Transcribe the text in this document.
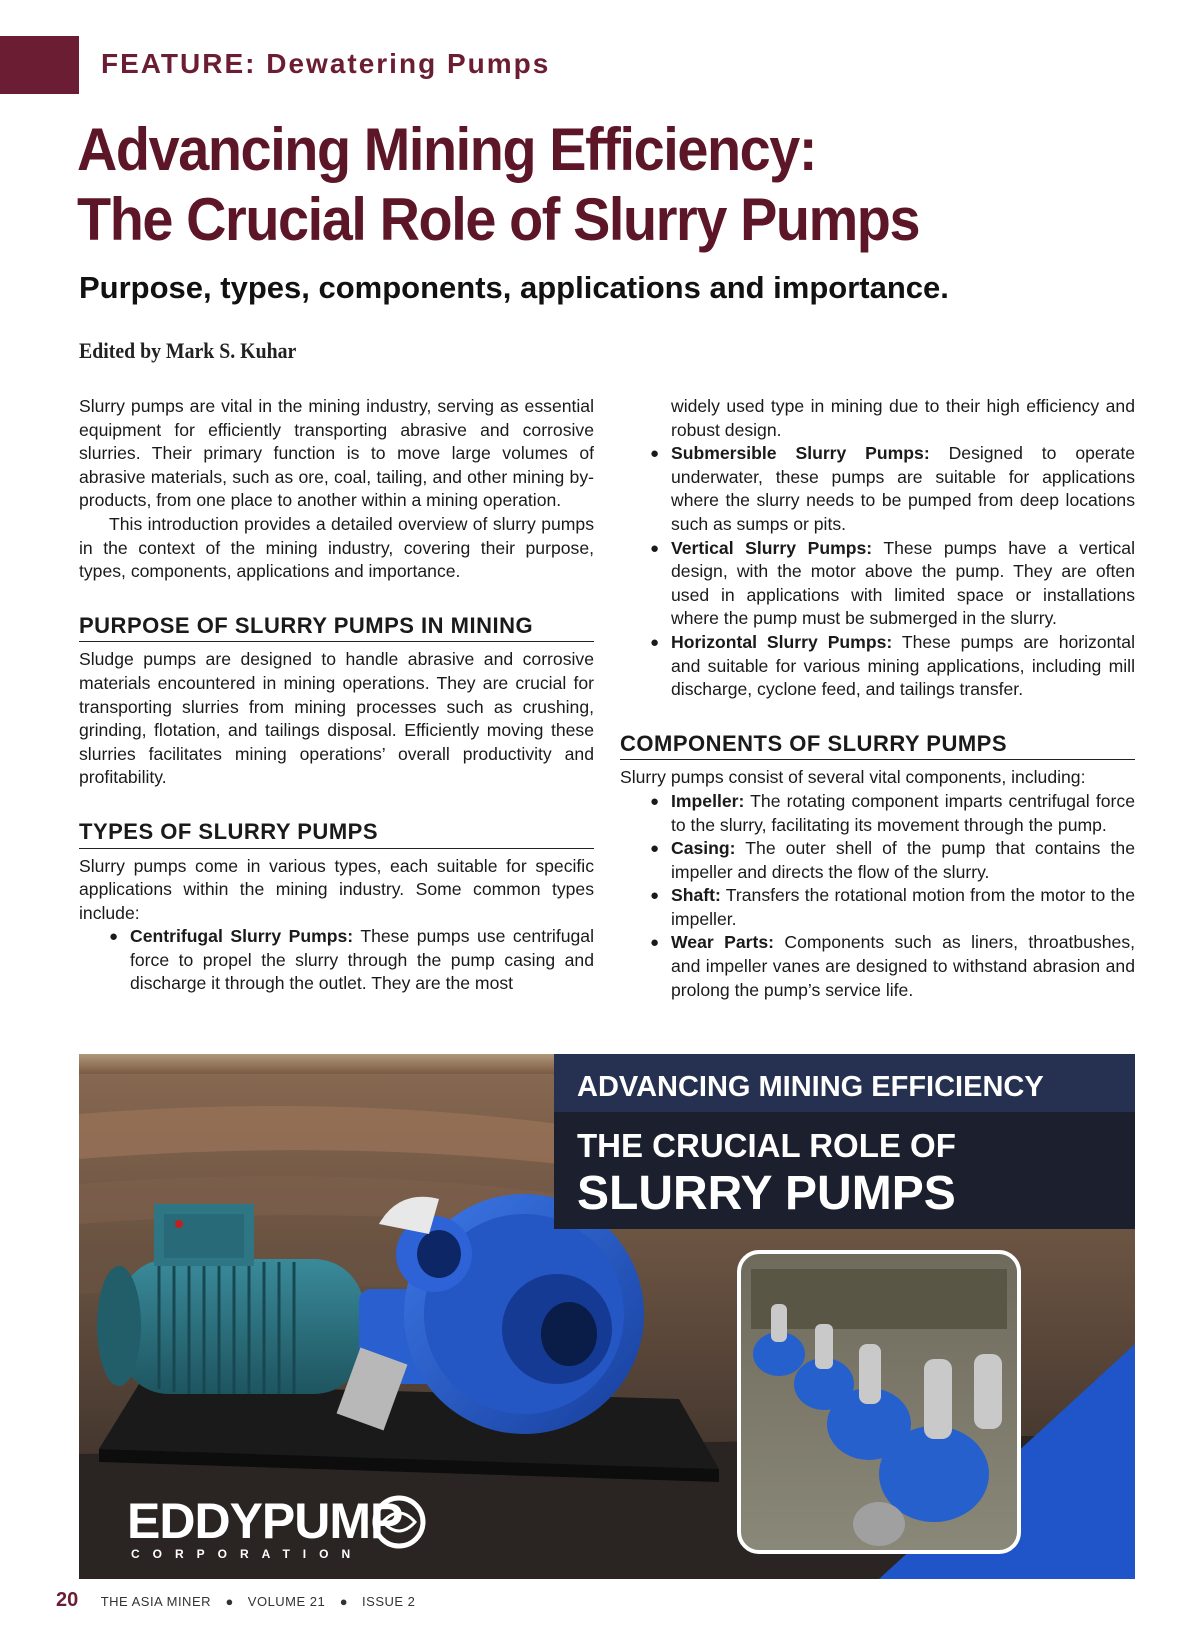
FEATURE: Dewatering Pumps
Advancing Mining Efficiency:
The Crucial Role of Slurry Pumps
Purpose, types, components, applications and importance.
Edited by Mark S. Kuhar

Slurry pumps are vital in the mining industry, serving as essential equipment for efficiently transporting abrasive and corrosive slurries. Their primary function is to move large volumes of abrasive materials, such as ore, coal, tailing, and other mining by-products, from one place to another within a mining operation.

This introduction provides a detailed overview of slurry pumps in the context of the mining industry, covering their purpose, types, components, applications and importance.

PURPOSE OF SLURRY PUMPS IN MINING

Sludge pumps are designed to handle abrasive and corrosive materials encountered in mining operations. They are crucial for transporting slurries from mining processes such as crushing, grinding, flotation, and tailings disposal. Efficiently moving these slurries facilitates mining operations’ overall productivity and profitability.

TYPES OF SLURRY PUMPS

Slurry pumps come in various types, each suitable for specific applications within the mining industry. Some common types include:

● Centrifugal Slurry Pumps: These pumps use centrifugal force to propel the slurry through the pump casing and discharge it through the outlet. They are the most
widely used type in mining due to their high efficiency and robust design.
● Submersible Slurry Pumps: Designed to operate underwater, these pumps are suitable for applications where the slurry needs to be pumped from deep locations such as sumps or pits.
● Vertical Slurry Pumps: These pumps have a vertical design, with the motor above the pump. They are often used in applications with limited space or installations where the pump must be submerged in the slurry.
● Horizontal Slurry Pumps: These pumps are horizontal and suitable for various mining applications, including mill discharge, cyclone feed, and tailings transfer.
COMPONENTS OF SLURRY PUMPS

Slurry pumps consist of several vital components, including:

● Impeller: The rotating component imparts centrifugal force to the slurry, facilitating its movement through the pump.
● Casing: The outer shell of the pump that contains the impeller and directs the flow of the slurry.
● Shaft: Transfers the rotational motion from the motor to the impeller.
● Wear Parts: Components such as liners, throatbushes, and impeller vanes are designed to withstand abrasion and prolong the pump’s service life.
ADVANCING MINING EFFICIENCY
THE CRUCIAL ROLE OF
SLURRY PUMPS
EDDYPUMP
CORPORATION
20 THE ASIA MINER ● VOLUME 21 ● ISSUE 2
